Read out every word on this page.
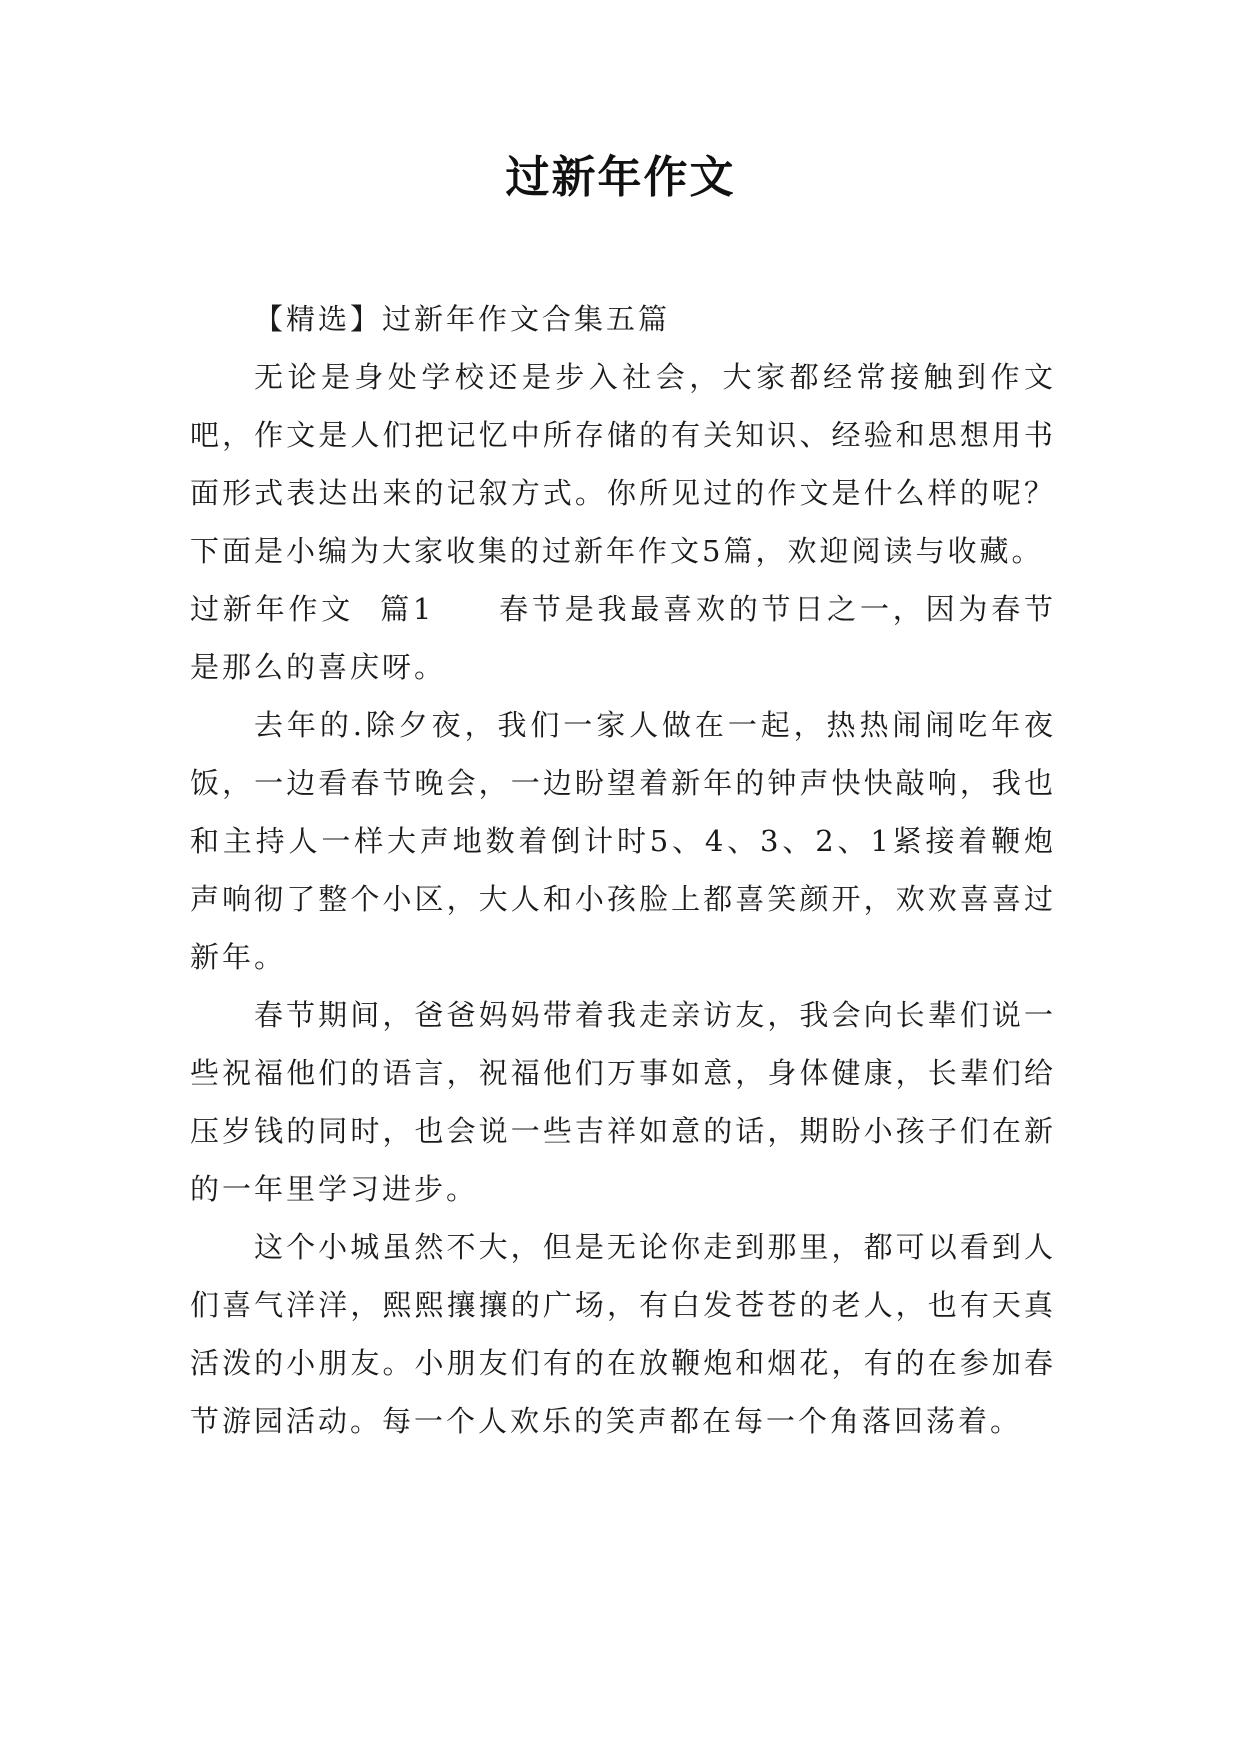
过新年作文

【精选】过新年作文合集五篇

无论是身处学校还是步入社会，大家都经常接触到作文吧，作文是人们把记忆中所存储的有关知识、经验和思想用书面形式表达出来的记叙方式。你所见过的作文是什么样的呢？下面是小编为大家收集的过新年作文5篇，欢迎阅读与收藏。

过新年作文  篇1 春节是我最喜欢的节日之一，因为春节是那么的喜庆呀。

去年的.除夕夜，我们一家人做在一起，热热闹闹吃年夜饭，一边看春节晚会，一边盼望着新年的钟声快快敲响，我也和主持人一样大声地数着倒计时5、4、3、2、1紧接着鞭炮声响彻了整个小区，大人和小孩脸上都喜笑颜开，欢欢喜喜过新年。

春节期间，爸爸妈妈带着我走亲访友，我会向长辈们说一些祝福他们的语言，祝福他们万事如意，身体健康，长辈们给压岁钱的同时，也会说一些吉祥如意的话，期盼小孩子们在新的一年里学习进步。

这个小城虽然不大，但是无论你走到那里，都可以看到人们喜气洋洋，熙熙攘攘的广场，有白发苍苍的老人，也有天真活泼的小朋友。小朋友们有的在放鞭炮和烟花，有的在参加春节游园活动。每一个人欢乐的笑声都在每一个角落回荡着。
